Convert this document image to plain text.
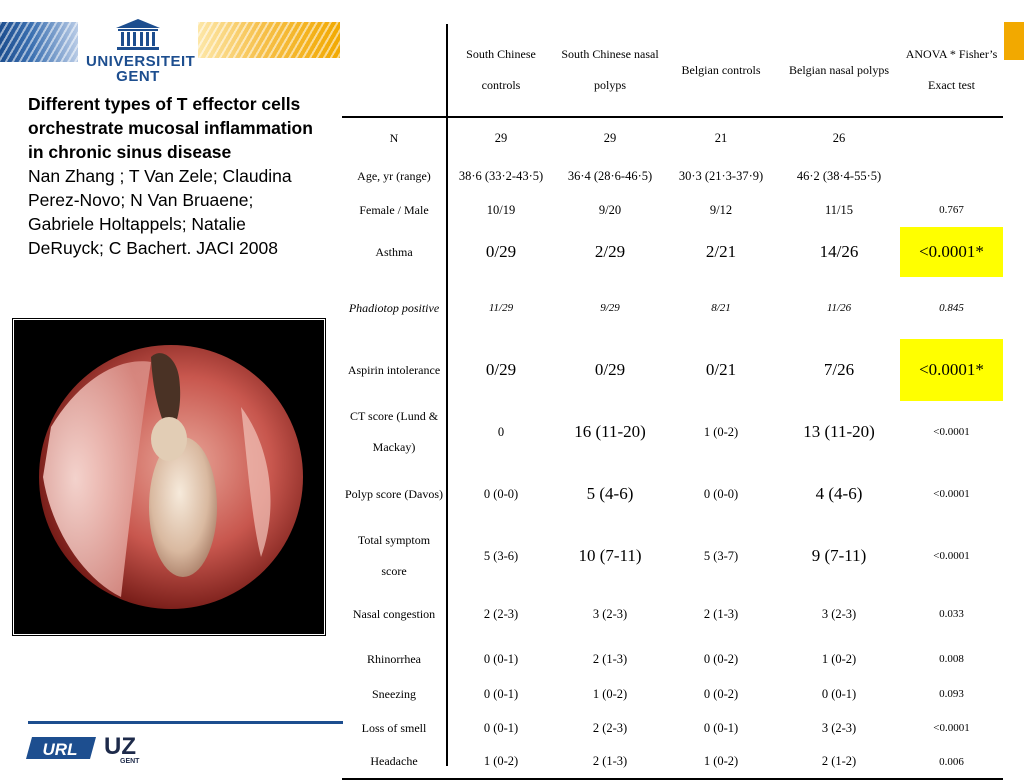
UNIVERSITEIT
GENT
Different types of T effector cells
orchestrate mucosal inflammation
in chronic sinus disease
Nan Zhang ; T Van Zele; Claudina
Perez-Novo; N Van Bruaene;
Gabriele Holtappels; Natalie
DeRuyck; C Bachert. JACI 2008
URL UZ
GENT
	South Chinese controls	South Chinese nasal polyps	Belgian controls	Belgian nasal polyps	ANOVA * Fisher’s Exact test
N	29	29	21	26	
Age, yr (range)	38·6 (33·2-43·5)	36·4 (28·6-46·5)	30·3 (21·3-37·9)	46·2 (38·4-55·5)	
Female / Male	10/19	9/20	9/12	11/15	0.767
Asthma	0/29	2/29	2/21	14/26	<0.0001*
Phadiotop positive	11/29	9/29	8/21	11/26	0.845
Aspirin intolerance	0/29	0/29	0/21	7/26	<0.0001*
CT score (Lund & Mackay)	0	16 (11-20)	1 (0-2)	13 (11-20)	<0.0001
Polyp score (Davos)	0 (0-0)	5 (4-6)	0 (0-0)	4 (4-6)	<0.0001
Total symptom score	5 (3-6)	10 (7-11)	5 (3-7)	9 (7-11)	<0.0001
Nasal congestion	2 (2-3)	3 (2-3)	2 (1-3)	3 (2-3)	0.033
Rhinorrhea	0 (0-1)	2 (1-3)	0 (0-2)	1 (0-2)	0.008
Sneezing	0 (0-1)	1 (0-2)	0 (0-2)	0 (0-1)	0.093
Loss of smell	0 (0-1)	2 (2-3)	0 (0-1)	3 (2-3)	<0.0001
Headache	1 (0-2)	2 (1-3)	1 (0-2)	2 (1-2)	0.006
